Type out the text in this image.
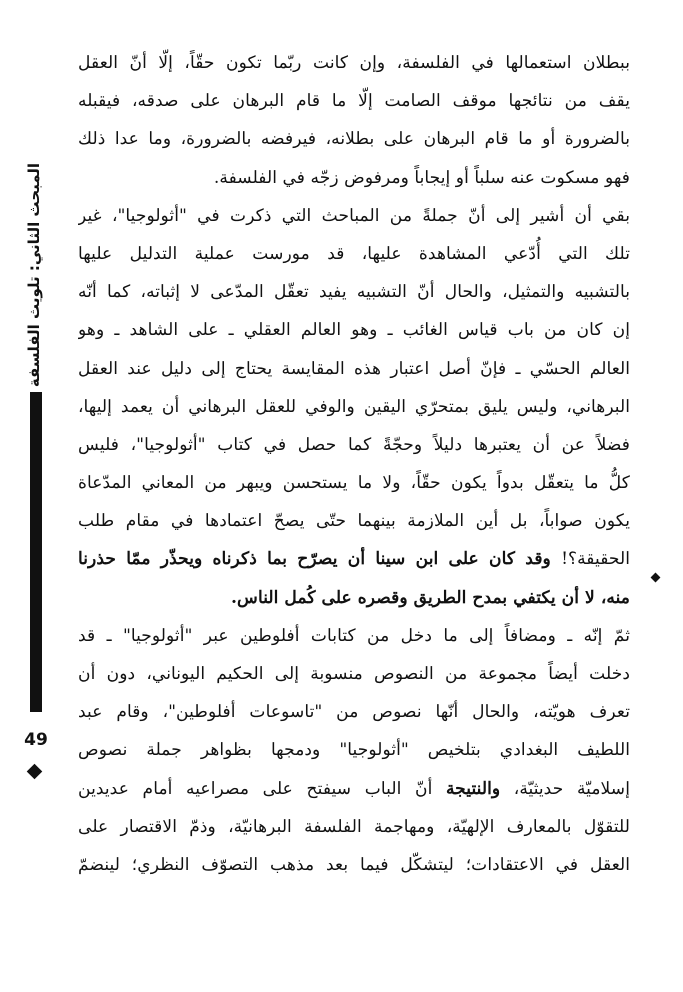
المبحث الثاني: تلويث الفلسفة
49
ببطلان استعمالها في الفلسفة، وإن كانت ربّما تكون حقّاً، إلّا أنّ العقل
يقف من نتائجها موقف الصامت إلّا ما قام البرهان على صدقه، فيقبله
بالضرورة أو ما قام البرهان على بطلانه، فيرفضه بالضرورة، وما عدا ذلك
فهو مسكوت عنه سلباً أو إيجاباً ومرفوض زجّه في الفلسفة.
بقي أن أشير إلى أنّ جملةً من المباحث التي ذكرت في "أثولوجيا"، غير
تلك التي أُدّعي المشاهدة عليها، قد مورست عملية التدليل عليها
بالتشبيه والتمثيل، والحال أنّ التشبيه يفيد تعقّل المدّعى لا إثباته، كما أنّه
إن كان من باب قياس الغائب ـ وهو العالم العقلي ـ على الشاهد ـ وهو
العالم الحسّي ـ فإنّ أصل اعتبار هذه المقايسة يحتاج إلى دليل عند العقل
البرهاني، وليس يليق بمتحرّي اليقين والوفي للعقل البرهاني أن يعمد إليها،
فضلاً عن أن يعتبرها دليلاً وحجّةً كما حصل في كتاب "أثولوجيا"، فليس
كلُّ ما يتعقّل بدواً يكون حقّاً، ولا ما يستحسن ويبهر من المعاني المدّعاة
يكون صواباً، بل أين الملازمة بينهما حتّى يصحّ اعتمادها في مقام طلب
الحقيقة؟! وقد كان على ابن سينا أن يصرّح بما ذكرناه ويحذّر ممّا حذرنا
منه، لا أن يكتفي بمدح الطريق وقصره على كُمل الناس.
ثمّ إنّه ـ ومضافاً إلى ما دخل من كتابات أفلوطين عبر "أثولوجيا" ـ قد
دخلت أيضاً مجموعة من النصوص منسوبة إلى الحكيم اليوناني، دون أن
تعرف هويّته، والحال أنّها نصوص من "تاسوعات أفلوطين"، وقام عبد
اللطيف البغدادي بتلخيص "أثولوجيا" ودمجها بظواهر جملة نصوص
إسلاميّة حديثيّة، والنتيجة أنّ الباب سيفتح على مصراعيه أمام عديدين
للتقوّل بالمعارف الإلهيّة، ومهاجمة الفلسفة البرهانيّة، وذمّ الاقتصار على
العقل في الاعتقادات؛ ليتشكّل فيما بعد مذهب التصوّف النظري؛ لينضمّ
